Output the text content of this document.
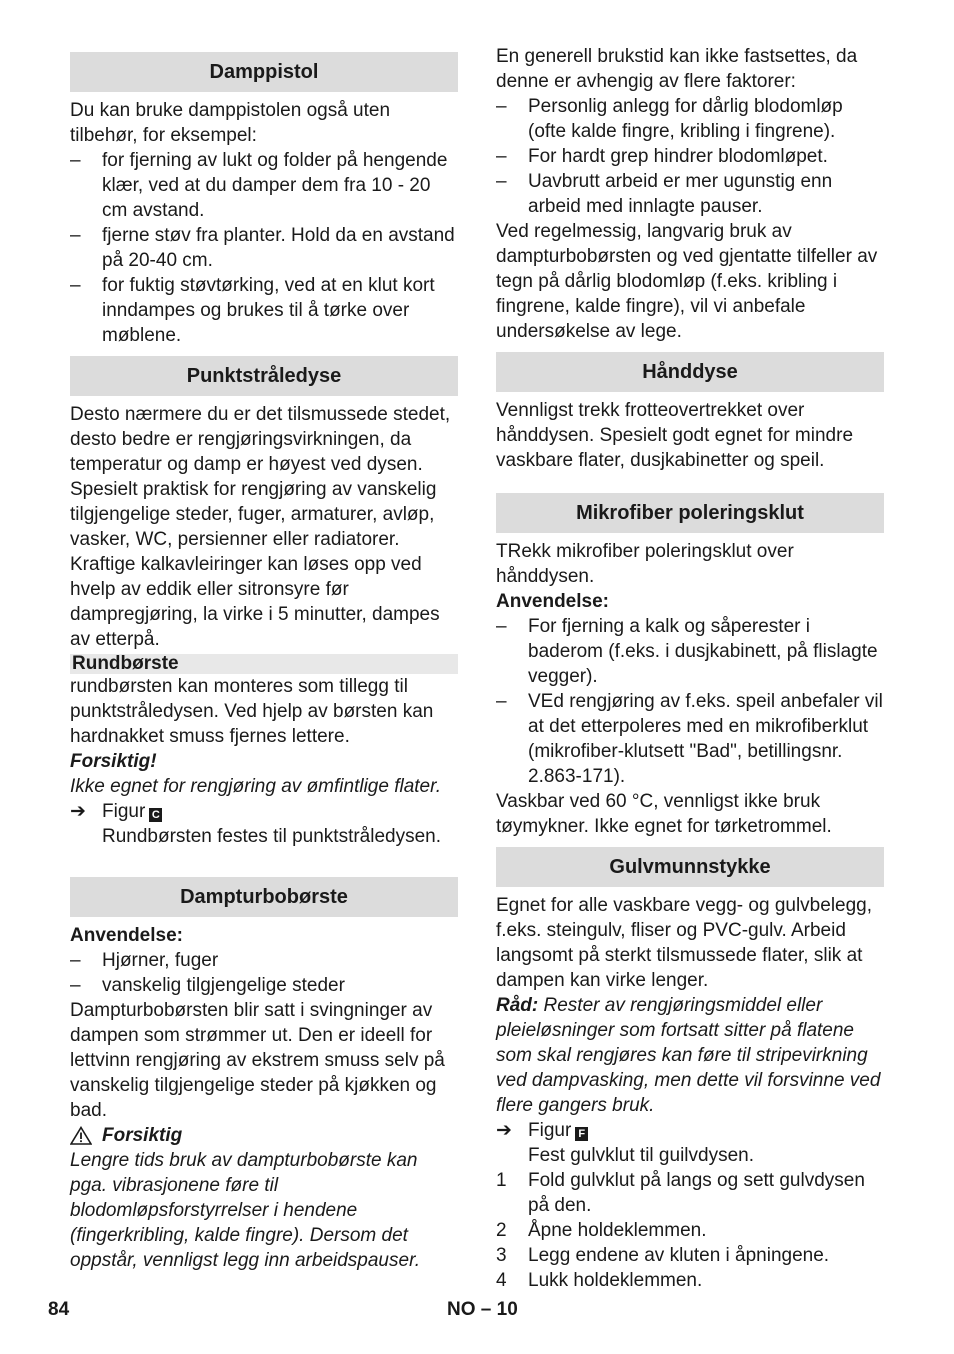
Damppistol

Du kan bruke damppistolen også uten tilbehør, for eksempel:

– for fjerning av lukt og folder på hengende klær, ved at du damper dem fra 10 - 20 cm avstand.
– fjerne støv fra planter. Hold da en avstand på 20-40 cm.
– for fuktig støvtørking, ved at en klut kort inndampes og brukes til å tørke over møblene.
Punktstråledyse

Desto nærmere du er det tilsmussede stedet, desto bedre er rengjøringsvirkningen, da temperatur og damp er høyest ved dysen. Spesielt praktisk for rengjøring av vanskelig tilgjengelige steder, fuger, armaturer, avløp, vasker, WC, persienner eller radiatorer. Kraftige kalkavleiringer kan løses opp ved hvelp av eddik eller sitronsyre før dampregjøring, la virke i 5 minutter, dampes av etterpå.

Rundbørste

rundbørsten kan monteres som tillegg til punktstråledysen. Ved hjelp av børsten kan hardnakket smuss fjernes lettere.

Forsiktig!

Ikke egnet for rengjøring av ømfintlige flater.

➔ Figur C

Rundbørsten festes til punktstråledysen.

Dampturbobørste

Anvendelse:

– Hjørner, fuger
– vanskelig tilgjengelige steder

Dampturbobørsten blir satt i svingninger av dampen som strømmer ut. Den er ideell for lettvinn rengjøring av ekstrem smuss selv på vanskelig tilgjengelige steder på kjøkken og bad.

Forsiktig

Lengre tids bruk av dampturbobørste kan pga. vibrasjonene føre til blodomløpsforstyrrelser i hendene (fingerkribling, kalde fingre). Dersom det oppstår, vennligst legg inn arbeidspauser.

En generell brukstid kan ikke fastsettes, da denne er avhengig av flere faktorer:

– Personlig anlegg for dårlig blodomløp (ofte kalde fingre, kribling i fingrene).
– For hardt grep hindrer blodomløpet.
– Uavbrutt arbeid er mer ugunstig enn arbeid med innlagte pauser.

Ved regelmessig, langvarig bruk av dampturbobørsten og ved gjentatte tilfeller av tegn på dårlig blodomløp (f.eks. kribling i fingrene, kalde fingre), vil vi anbefale undersøkelse av lege.

Hånddyse

Vennligst trekk frotteovertrekket over hånddysen. Spesielt godt egnet for mindre vaskbare flater, dusjkabinetter og speil.

Mikrofiber poleringsklut

TRekk mikrofiber poleringsklut over hånddysen.

Anvendelse:

– For fjerning a kalk og såperester i baderom (f.eks. i dusjkabinett, på flislagte vegger).
– VEd rengjøring av f.eks. speil anbefaler vil at det etterpoleres med en mikrofiberklut (mikrofiber-klutsett "Bad", betillingsnr. 2.863-171).

Vaskbar ved 60 °C, vennligst ikke bruk tøymykner. Ikke egnet for tørketrommel.

Gulvmunnstykke

Egnet for alle vaskbare vegg- og gulvbelegg, f.eks. steingulv, fliser og PVC-gulv. Arbeid langsomt på sterkt tilsmussede flater, slik at dampen kan virke lenger.

Råd: Rester av rengjøringsmiddel eller pleieløsninger som fortsatt sitter på flatene som skal rengjøres kan føre til stripevirkning ved dampvasking, men dette vil forsvinne ved flere gangers bruk.

➔ Figur F

Fest gulvklut til guilvdysen.

1 Fold gulvklut på langs og sett gulvdysen på den.
2 Åpne holdeklemmen.
3 Legg endene av kluten i åpningene.
4 Lukk holdeklemmen.
84	NO – 10
